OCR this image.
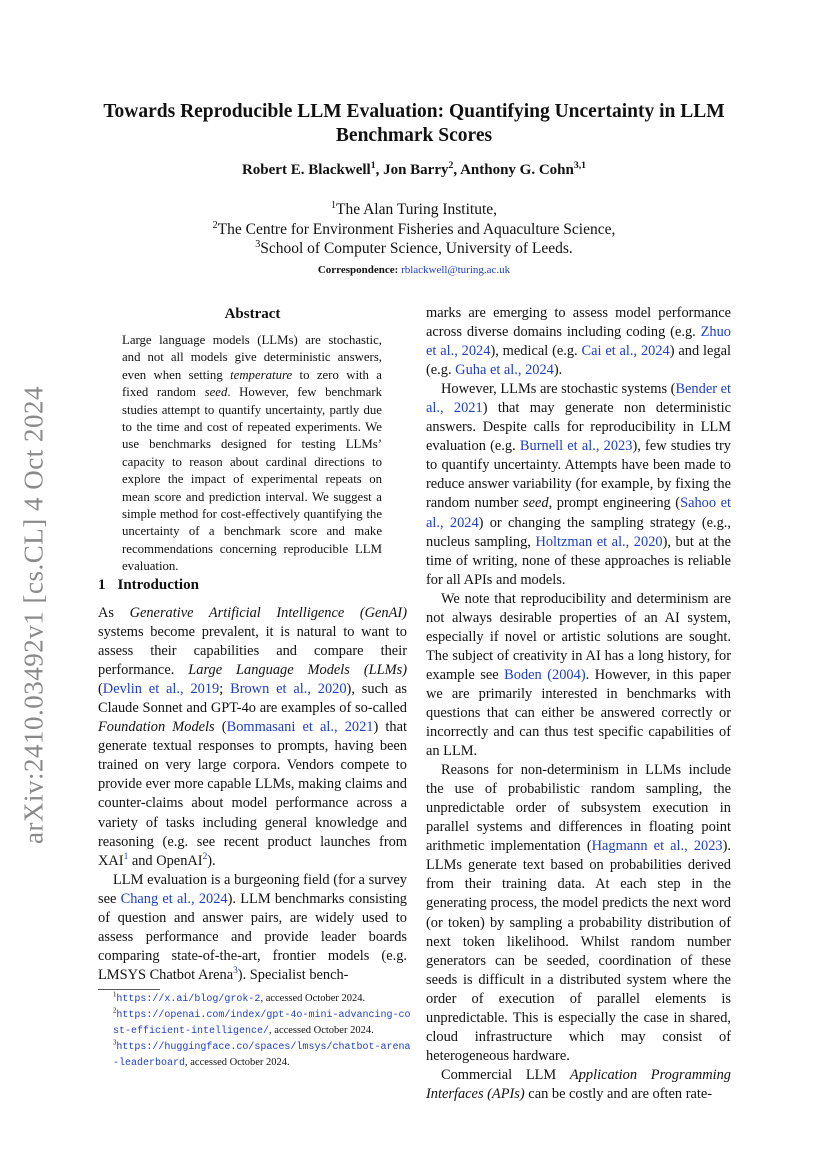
arXiv:2410.03492v1 [cs.CL] 4 Oct 2024
Towards Reproducible LLM Evaluation: Quantifying Uncertainty in LLM Benchmark Scores
Robert E. Blackwell$^1$, Jon Barry$^2$, Anthony G. Cohn$^{3,1}$
$^1$The Alan Turing Institute,
$^2$The Centre for Environment Fisheries and Aquaculture Science,
$^3$School of Computer Science, University of Leeds.
Correspondence: rblackwell@turing.ac.uk
Abstract
Large language models (LLMs) are stochastic, and not all models give deterministic answers, even when setting temperature to zero with a fixed random seed. However, few benchmark studies attempt to quantify uncertainty, partly due to the time and cost of repeated experiments. We use benchmarks designed for testing LLMs’ capacity to reason about cardinal directions to explore the impact of experimental repeats on mean score and prediction interval. We suggest a simple method for cost-effectively quantifying the uncertainty of a benchmark score and make recommendations concerning reproducible LLM evaluation.
1 Introduction

As Generative Artificial Intelligence (GenAI) systems become prevalent, it is natural to want to assess their capabilities and compare their performance. Large Language Models (LLMs) (Devlin et al., 2019; Brown et al., 2020), such as Claude Sonnet and GPT-4o are examples of so-called Foundation Models (Bommasani et al., 2021) that generate textual responses to prompts, having been trained on very large corpora. Vendors compete to provide ever more capable LLMs, making claims and counter-claims about model performance across a variety of tasks including general knowledge and reasoning (e.g. see recent product launches from XAI$^1$ and OpenAI$^2$).

LLM evaluation is a burgeoning field (for a survey see Chang et al., 2024). LLM benchmarks consisting of question and answer pairs, are widely used to assess performance and provide leader boards comparing state-of-the-art, frontier models (e.g. LMSYS Chatbot Arena$^3$). Specialist bench-

$^1$https://x.ai/blog/grok-2, accessed October 2024.
$^2$https://openai.com/index/gpt-4o-mini-advancing-cost-efficient-intelligence/, accessed October 2024.
$^3$https://huggingface.co/spaces/lmsys/chatbot-arena-leaderboard, accessed October 2024.

marks are emerging to assess model performance across diverse domains including coding (e.g. Zhuo et al., 2024), medical (e.g. Cai et al., 2024) and legal (e.g. Guha et al., 2024).

However, LLMs are stochastic systems (Bender et al., 2021) that may generate non deterministic answers. Despite calls for reproducibility in LLM evaluation (e.g. Burnell et al., 2023), few studies try to quantify uncertainty. Attempts have been made to reduce answer variability (for example, by fixing the random number seed, prompt engineering (Sahoo et al., 2024) or changing the sampling strategy (e.g., nucleus sampling, Holtzman et al., 2020), but at the time of writing, none of these approaches is reliable for all APIs and models.

We note that reproducibility and determinism are not always desirable properties of an AI system, especially if novel or artistic solutions are sought. The subject of creativity in AI has a long history, for example see Boden (2004). However, in this paper we are primarily interested in benchmarks with questions that can either be answered correctly or incorrectly and can thus test specific capabilities of an LLM.

Reasons for non-determinism in LLMs include the use of probabilistic random sampling, the unpredictable order of subsystem execution in parallel systems and differences in floating point arithmetic implementation (Hagmann et al., 2023). LLMs generate text based on probabilities derived from their training data. At each step in the generating process, the model predicts the next word (or token) by sampling a probability distribution of next token likelihood. Whilst random number generators can be seeded, coordination of these seeds is difficult in a distributed system where the order of execution of parallel elements is unpredictable. This is especially the case in shared, cloud infrastructure which may consist of heterogeneous hardware.

Commercial LLM Application Programming Interfaces (APIs) can be costly and are often rate-
